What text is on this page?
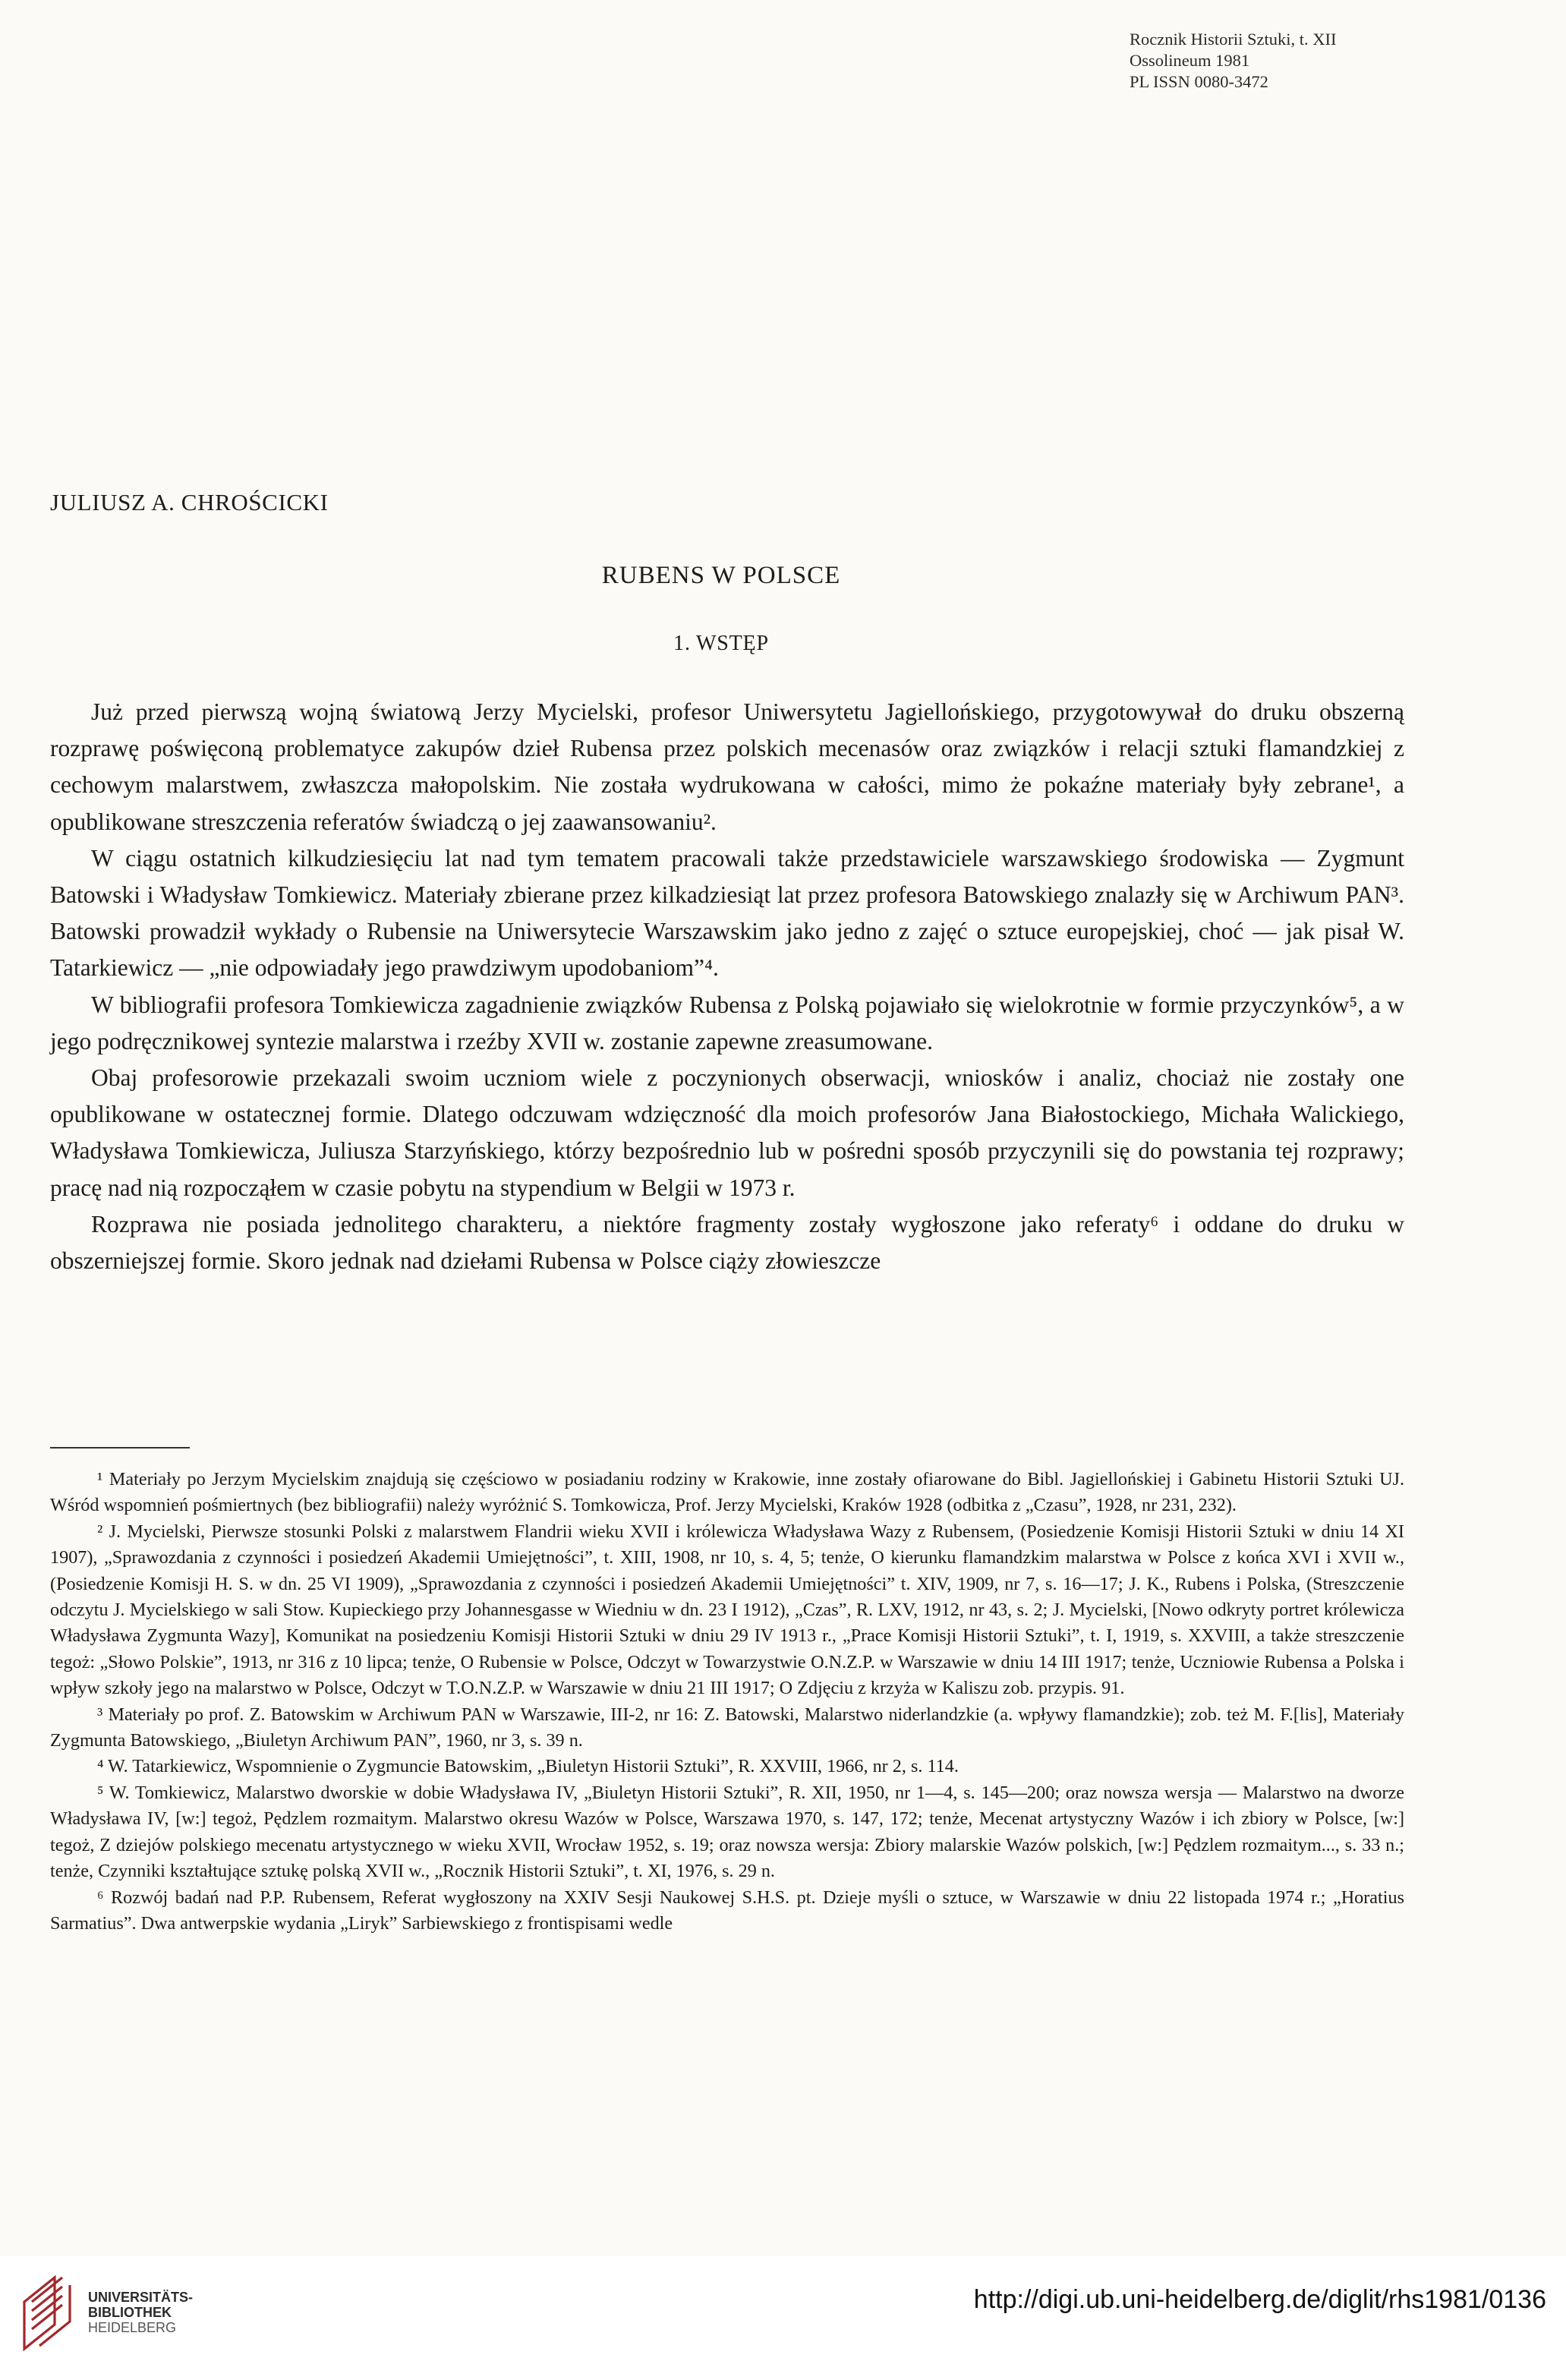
Rocznik Historii Sztuki, t. XII
Ossolineum 1981
PL ISSN 0080-3472
JULIUSZ A. CHROŚCICKI
RUBENS W POLSCE
1. WSTĘP

Już przed pierwszą wojną światową Jerzy Mycielski, profesor Uniwersytetu Jagiellońskiego, przygotowywał do druku obszerną rozprawę poświęconą problematyce zakupów dzieł Rubensa przez polskich mecenasów oraz związków i relacji sztuki flamandzkiej z cechowym malarstwem, zwłaszcza małopolskim. Nie została wydrukowana w całości, mimo że pokaźne materiały były zebrane¹, a opublikowane streszczenia referatów świadczą o jej zaawansowaniu².

W ciągu ostatnich kilkudziesięciu lat nad tym tematem pracowali także przedstawiciele warszawskiego środowiska — Zygmunt Batowski i Władysław Tomkiewicz. Materiały zbierane przez kilkadziesiąt lat przez profesora Batowskiego znalazły się w Archiwum PAN³. Batowski prowadził wykłady o Rubensie na Uniwersytecie Warszawskim jako jedno z zajęć o sztuce europejskiej, choć — jak pisał W. Tatarkiewicz — „nie odpowiadały jego prawdziwym upodobaniom”⁴.

W bibliografii profesora Tomkiewicza zagadnienie związków Rubensa z Polską pojawiało się wielokrotnie w formie przyczynków⁵, a w jego podręcznikowej syntezie malarstwa i rzeźby XVII w. zostanie zapewne zreasumowane.

Obaj profesorowie przekazali swoim uczniom wiele z poczynionych obserwacji, wniosków i analiz, chociaż nie zostały one opublikowane w ostatecznej formie. Dlatego odczuwam wdzięczność dla moich profesorów Jana Białostockiego, Michała Walickiego, Władysława Tomkiewicza, Juliusza Starzyńskiego, którzy bezpośrednio lub w pośredni sposób przyczynili się do powstania tej rozprawy; pracę nad nią rozpocząłem w czasie pobytu na stypendium w Belgii w 1973 r.

Rozprawa nie posiada jednolitego charakteru, a niektóre fragmenty zostały wygłoszone jako referaty⁶ i oddane do druku w obszerniejszej formie. Skoro jednak nad dziełami Rubensa w Polsce ciąży złowieszcze

¹ Materiały po Jerzym Mycielskim znajdują się częściowo w posiadaniu rodziny w Krakowie, inne zostały ofiarowane do Bibl. Jagiellońskiej i Gabinetu Historii Sztuki UJ. Wśród wspomnień pośmiertnych (bez bibliografii) należy wyróżnić S. Tomkowicza, Prof. Jerzy Mycielski, Kraków 1928 (odbitka z „Czasu”, 1928, nr 231, 232).

² J. Mycielski, Pierwsze stosunki Polski z malarstwem Flandrii wieku XVII i królewicza Władysława Wazy z Rubensem, (Posiedzenie Komisji Historii Sztuki w dniu 14 XI 1907), „Sprawozdania z czynności i posiedzeń Akademii Umiejętności”, t. XIII, 1908, nr 10, s. 4, 5; tenże, O kierunku flamandzkim malarstwa w Polsce z końca XVI i XVII w., (Posiedzenie Komisji H. S. w dn. 25 VI 1909), „Sprawozdania z czynności i posiedzeń Akademii Umiejętności” t. XIV, 1909, nr 7, s. 16—17; J. K., Rubens i Polska, (Streszczenie odczytu J. Mycielskiego w sali Stow. Kupieckiego przy Johannesgasse w Wiedniu w dn. 23 I 1912), „Czas”, R. LXV, 1912, nr 43, s. 2; J. Mycielski, [Nowo odkryty portret królewicza Władysława Zygmunta Wazy], Komunikat na posiedzeniu Komisji Historii Sztuki w dniu 29 IV 1913 r., „Prace Komisji Historii Sztuki”, t. I, 1919, s. XXVIII, a także streszczenie tegoż: „Słowo Polskie”, 1913, nr 316 z 10 lipca; tenże, O Rubensie w Polsce, Odczyt w Towarzystwie O.N.Z.P. w Warszawie w dniu 14 III 1917; tenże, Uczniowie Rubensa a Polska i wpływ szkoły jego na malarstwo w Polsce, Odczyt w T.O.N.Z.P. w Warszawie w dniu 21 III 1917; O Zdjęciu z krzyża w Kaliszu zob. przypis. 91.

³ Materiały po prof. Z. Batowskim w Archiwum PAN w Warszawie, III-2, nr 16: Z. Batowski, Malarstwo niderlandzkie (a. wpływy flamandzkie); zob. też M. F.[lis], Materiały Zygmunta Batowskiego, „Biuletyn Archiwum PAN”, 1960, nr 3, s. 39 n.

⁴ W. Tatarkiewicz, Wspomnienie o Zygmuncie Batowskim, „Biuletyn Historii Sztuki”, R. XXVIII, 1966, nr 2, s. 114.

⁵ W. Tomkiewicz, Malarstwo dworskie w dobie Władysława IV, „Biuletyn Historii Sztuki”, R. XII, 1950, nr 1—4, s. 145—200; oraz nowsza wersja — Malarstwo na dworze Władysława IV, [w:] tegoż, Pędzlem rozmaitym. Malarstwo okresu Wazów w Polsce, Warszawa 1970, s. 147, 172; tenże, Mecenat artystyczny Wazów i ich zbiory w Polsce, [w:] tegoż, Z dziejów polskiego mecenatu artystycznego w wieku XVII, Wrocław 1952, s. 19; oraz nowsza wersja: Zbiory malarskie Wazów polskich, [w:] Pędzlem rozmaitym..., s. 33 n.; tenże, Czynniki kształtujące sztukę polską XVII w., „Rocznik Historii Sztuki”, t. XI, 1976, s. 29 n.

⁶ Rozwój badań nad P.P. Rubensem, Referat wygłoszony na XXIV Sesji Naukowej S.H.S. pt. Dzieje myśli o sztuce, w Warszawie w dniu 22 listopada 1974 r.; „Horatius Sarmatius”. Dwa antwerpskie wydania „Liryk” Sarbiewskiego z frontispisami wedle

UNIVERSITÄTS-
BIBLIOTHEK
HEIDELBERG
http://digi.ub.uni-heidelberg.de/diglit/rhs1981/0136
